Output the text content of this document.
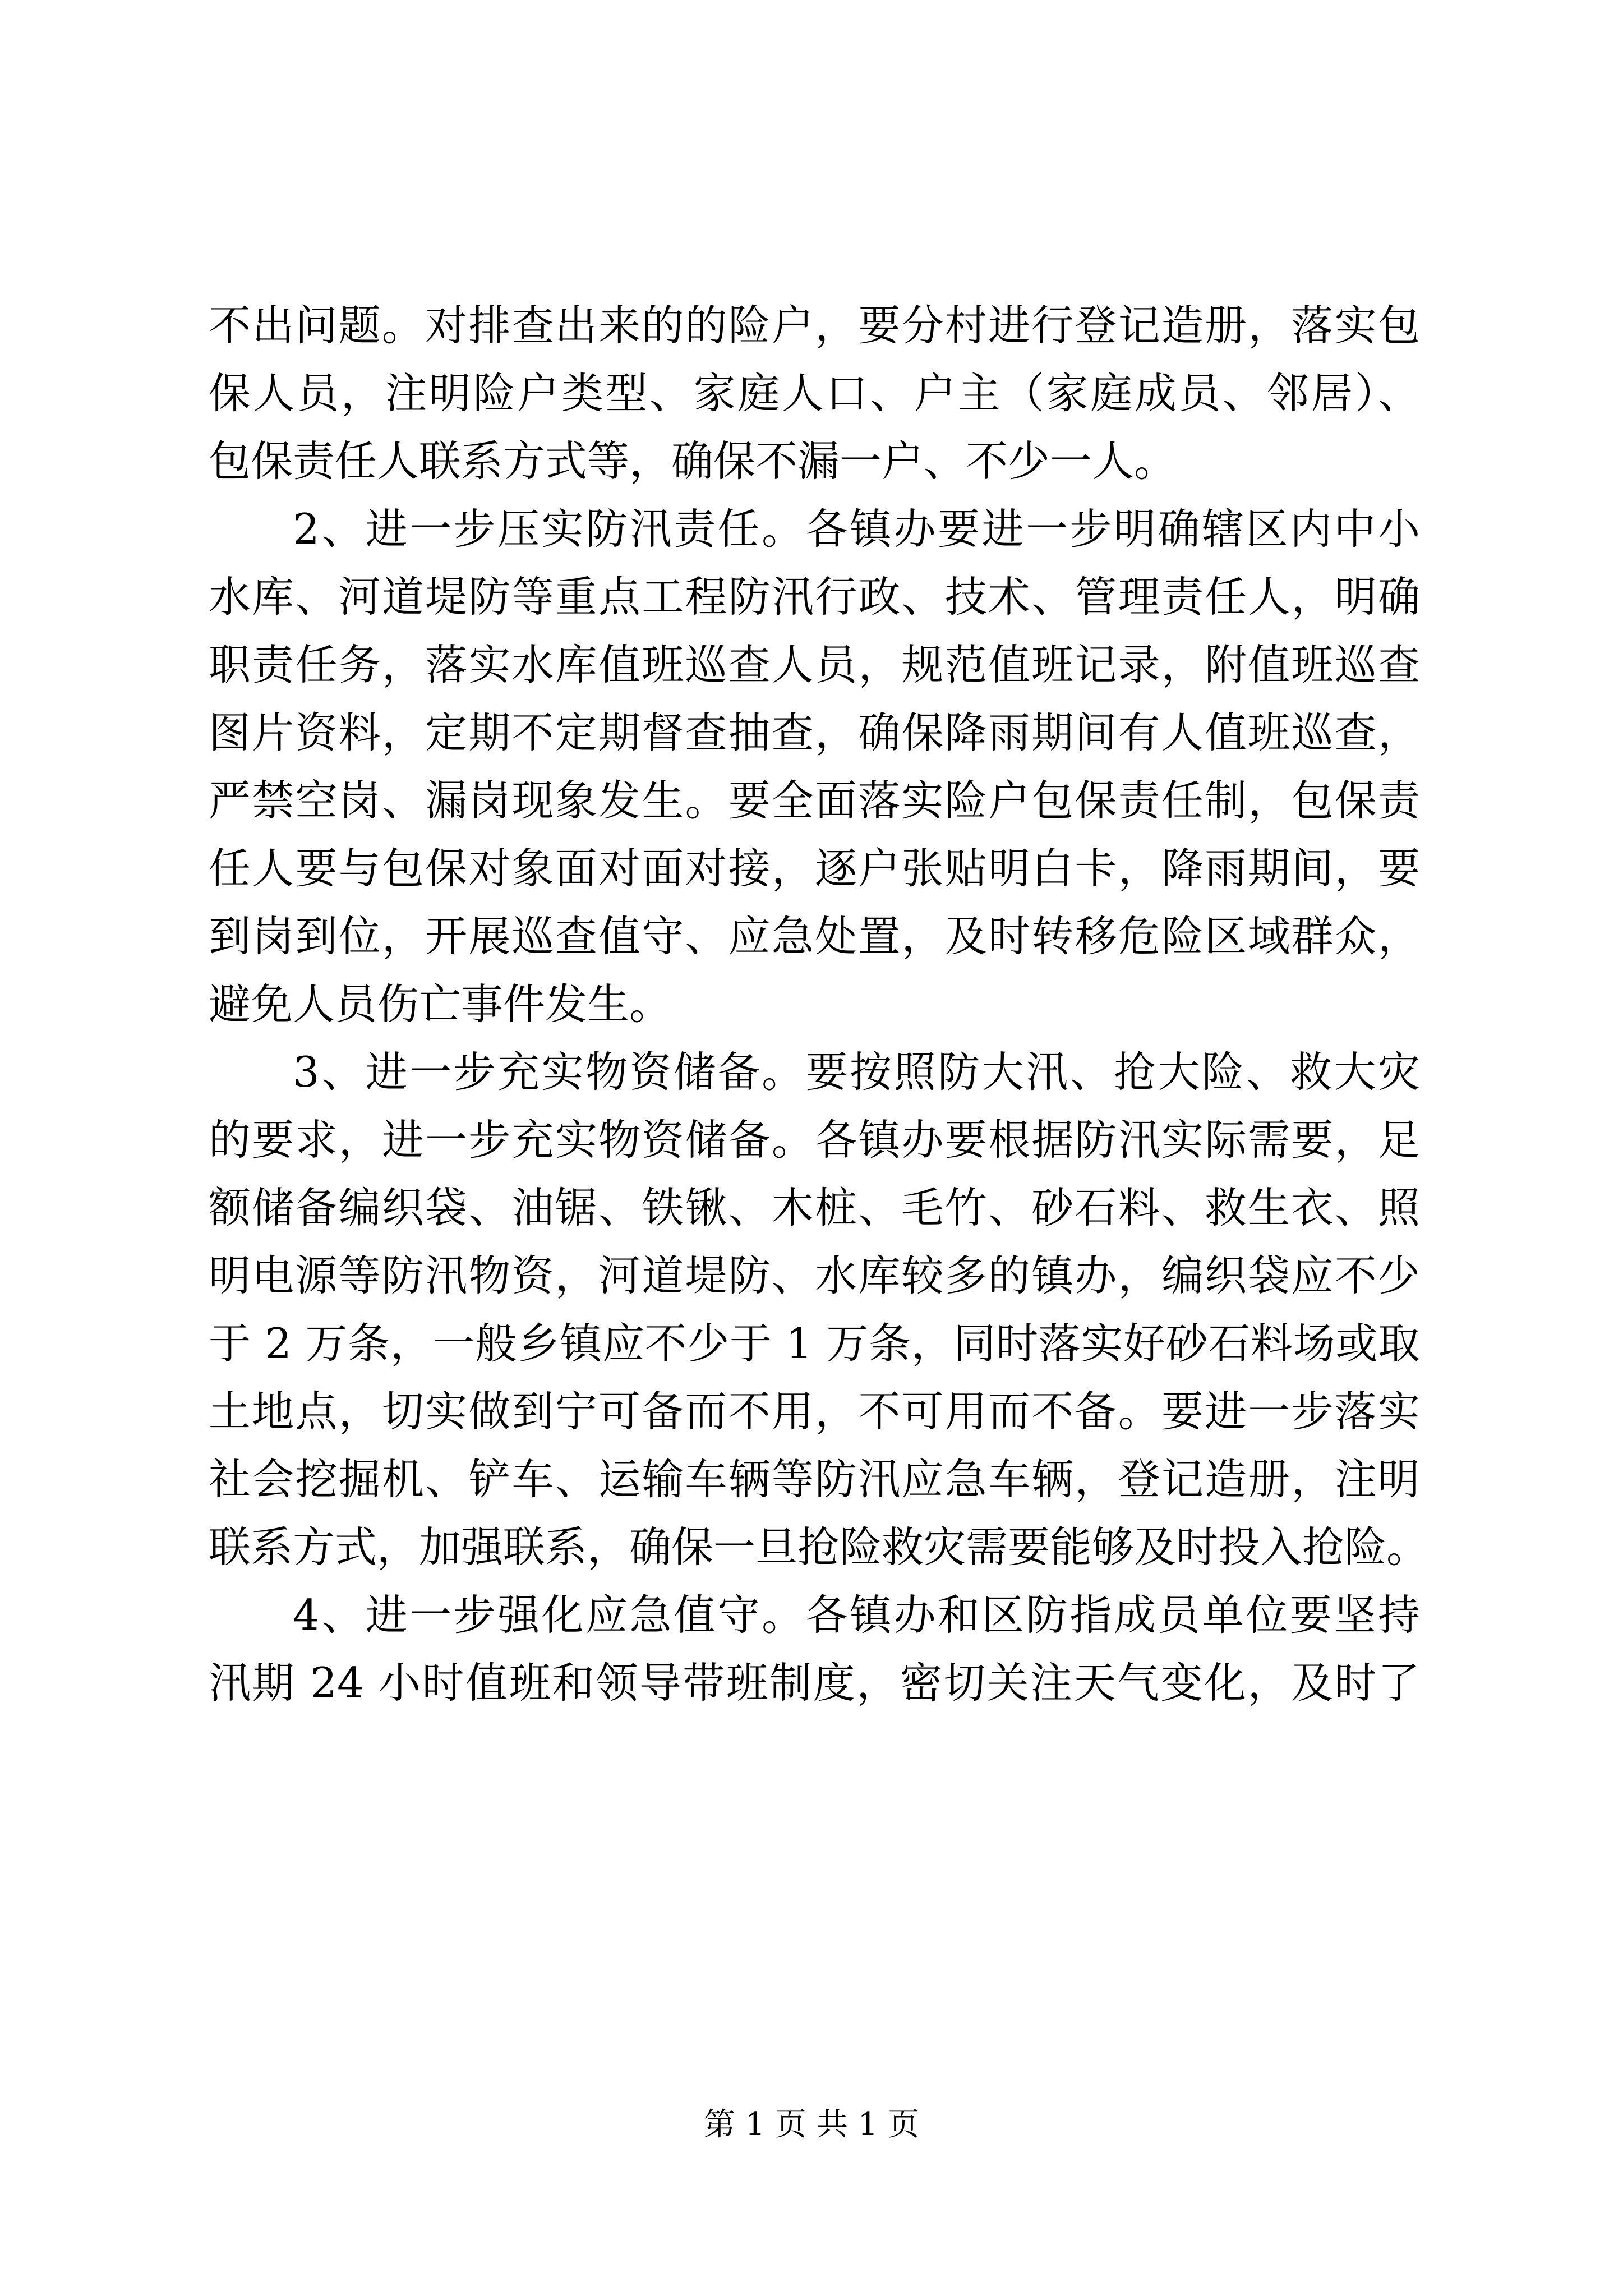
不出问题。对排查出来的的险户，要分村进行登记造册，落实包
保人员，注明险户类型、家庭人口、户主（家庭成员、邻居）、
包保责任人联系方式等，确保不漏一户、不少一人。
2、进一步压实防汛责任。各镇办要进一步明确辖区内中小
水库、河道堤防等重点工程防汛行政、技术、管理责任人，明确
职责任务，落实水库值班巡查人员，规范值班记录，附值班巡查
图片资料，定期不定期督查抽查，确保降雨期间有人值班巡查，
严禁空岗、漏岗现象发生。要全面落实险户包保责任制，包保责
任人要与包保对象面对面对接，逐户张贴明白卡，降雨期间，要
到岗到位，开展巡查值守、应急处置，及时转移危险区域群众，
避免人员伤亡事件发生。
3、进一步充实物资储备。要按照防大汛、抢大险、救大灾
的要求，进一步充实物资储备。各镇办要根据防汛实际需要，足
额储备编织袋、油锯、铁锹、木桩、毛竹、砂石料、救生衣、照
明电源等防汛物资，河道堤防、水库较多的镇办，编织袋应不少
于 2 万条，一般乡镇应不少于 1 万条，同时落实好砂石料场或取
土地点，切实做到宁可备而不用，不可用而不备。要进一步落实
社会挖掘机、铲车、运输车辆等防汛应急车辆，登记造册，注明
联系方式，加强联系，确保一旦抢险救灾需要能够及时投入抢险。
4、进一步强化应急值守。各镇办和区防指成员单位要坚持
汛期 24 小时值班和领导带班制度，密切关注天气变化，及时了
第 1 页 共 1 页
